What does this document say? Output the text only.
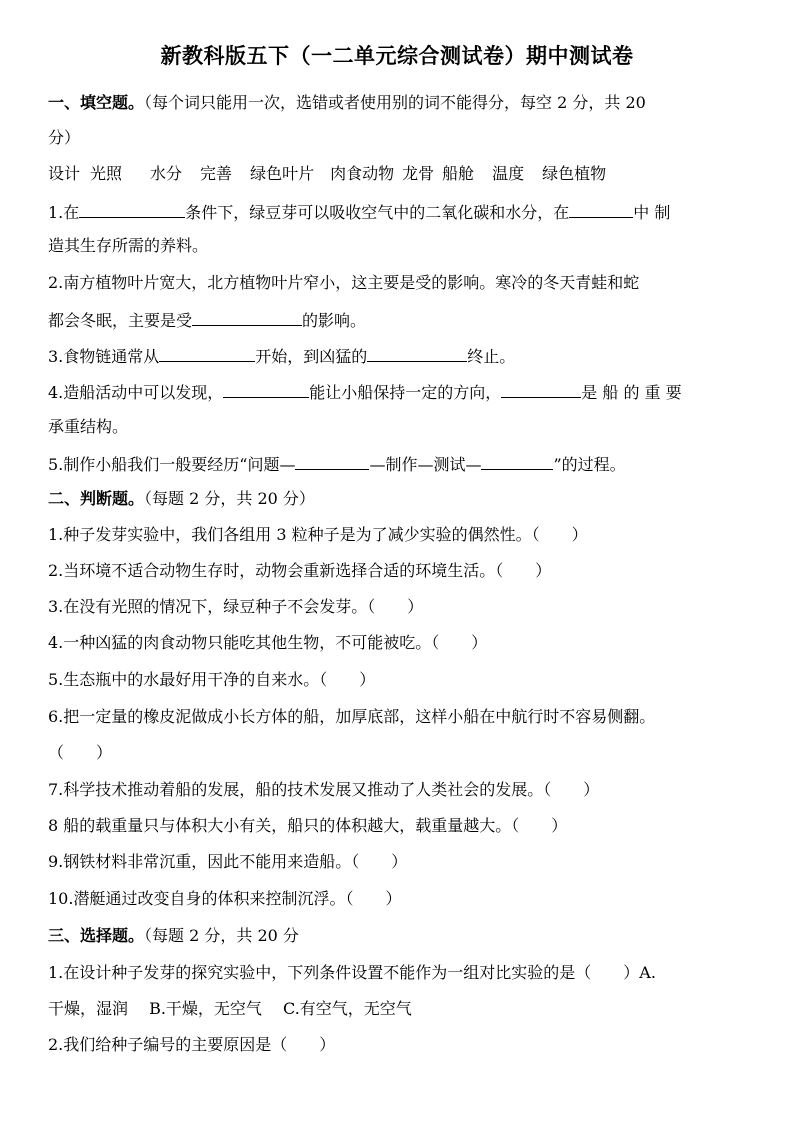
新教科版五下（一二单元综合测试卷）期中测试卷
一、填空题。（每个词只能用一次，选错或者使用别的词不能得分，每空 2 分，共 20
分）
设计 光照 水分 完善 绿色叶片 肉食动物 龙骨 船舱 温度 绿色植物
1.在	条件下，绿豆芽可以吸收空气中的二氧化碳和水分，在	中 制
造其生存所需的养料。
2.南方植物叶片宽大，北方植物叶片窄小，这主要是受的影响。寒冷的冬天青蛙和蛇
都会冬眠，主要是受	的影响。
3.食物链通常从	开始，到凶猛的	终止。
4.造船活动中可以发现，	能让小船保持一定的方向，	是 船 的 重 要
承重结构。
5.制作小船我们一般要经历“问题—	—制作—测试—	”的过程。
二、判断题。（每题 2 分，共 20 分）
1.种子发芽实验中，我们各组用 3 粒种子是为了减少实验的偶然性。（　　）
2.当环境不适合动物生存时，动物会重新选择合适的环境生活。（　　）
3.在没有光照的情况下，绿豆种子不会发芽。（　　）
4.一种凶猛的肉食动物只能吃其他生物，不可能被吃。（　　）
5.生态瓶中的水最好用干净的自来水。（　　）
6.把一定量的橡皮泥做成小长方体的船，加厚底部，这样小船在中航行时不容易侧翻。
（　　）
7.科学技术推动着船的发展，船的技术发展又推动了人类社会的发展。（　　）
8 船的载重量只与体积大小有关，船只的体积越大，载重量越大。（　　）
9.钢铁材料非常沉重，因此不能用来造船。（　　）
10.潜艇通过改变自身的体积来控制沉浮。（　　）
三、选择题。（每题 2 分，共 20 分
1.在设计种子发芽的探究实验中，下列条件设置不能作为一组对比实验的是（　　）A.
干燥，湿润　 B.干燥，无空气　 C.有空气，无空气
2.我们给种子编号的主要原因是（　　）
